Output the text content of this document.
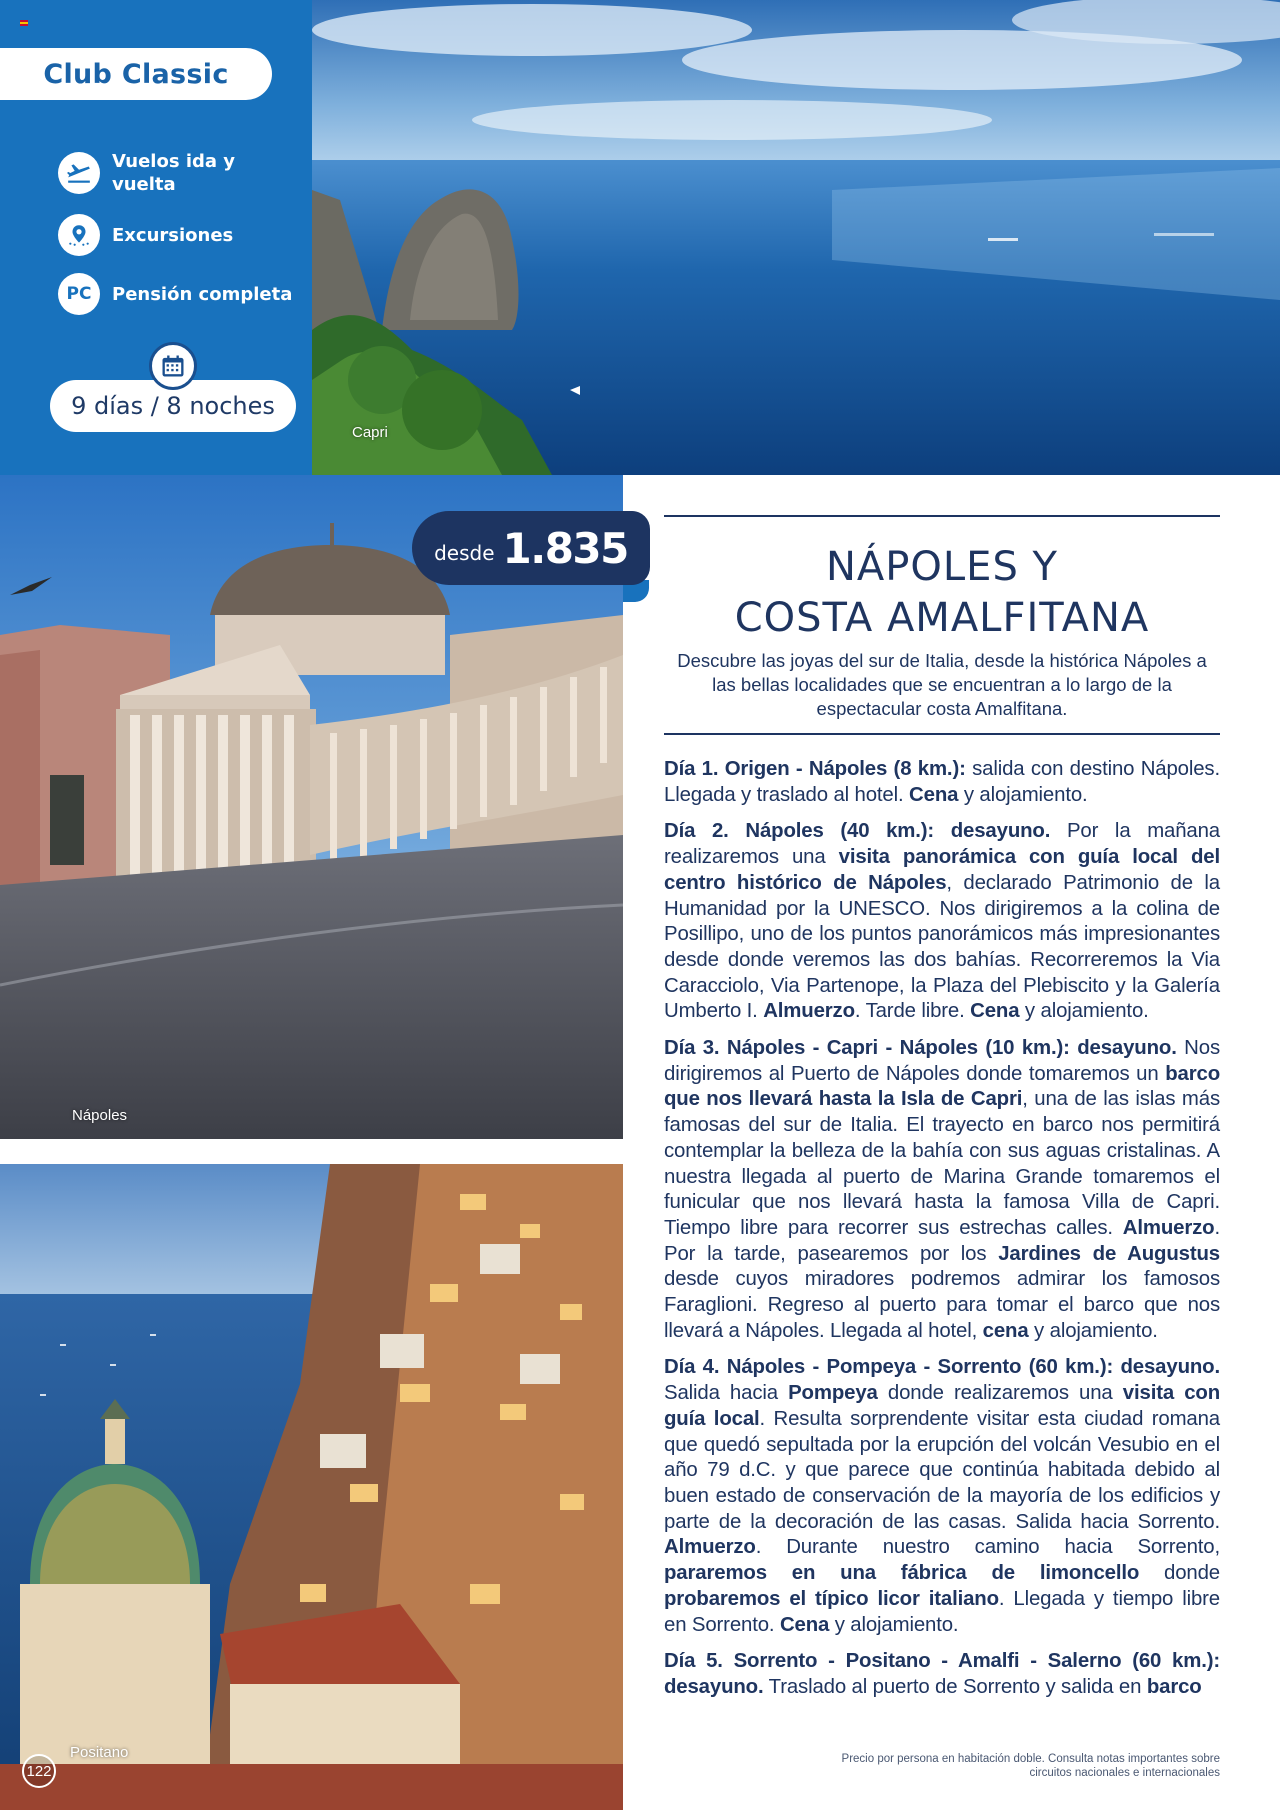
Club Classic
Vuelos ida y vuelta
Excursiones
PC Pensión completa
9 días / 8 noches
Capri
Nápoles
Positano
122
desde 1.835	NÁPOLES Y
COSTA AMALFITANA
Descubre las joyas del sur de Italia, desde la histórica Nápoles a las bellas localidades que se encuentran a lo largo de la espectacular costa Amalfitana.

Día 1. Origen - Nápoles (8 km.): salida con destino Nápoles. Llegada y traslado al hotel. Cena y alojamiento.

Día 2. Nápoles (40 km.): desayuno. Por la mañana realizaremos una visita panorámica con guía local del centro histórico de Nápoles, declarado Patrimonio de la Humanidad por la UNESCO. Nos dirigiremos a la colina de Posillipo, uno de los puntos panorámicos más impresionantes desde donde veremos las dos bahías. Recorreremos la Via Caracciolo, Via Partenope, la Plaza del Plebiscito y la Galería Umberto I. Almuerzo. Tarde libre. Cena y alojamiento.

Día 3. Nápoles - Capri - Nápoles (10 km.): desayuno. Nos dirigiremos al Puerto de Nápoles donde tomaremos un barco que nos llevará hasta la Isla de Capri, una de las islas más famosas del sur de Italia. El trayecto en barco nos permitirá contemplar la belleza de la bahía con sus aguas cristalinas. A nuestra llegada al puerto de Marina Grande tomaremos el funicular que nos llevará hasta la famosa Villa de Capri. Tiempo libre para recorrer sus estrechas calles. Almuerzo. Por la tarde, pasearemos por los Jardines de Augustus desde cuyos miradores podremos admirar los famosos Faraglioni. Regreso al puerto para tomar el barco que nos llevará a Nápoles. Llegada al hotel, cena y alojamiento.

Día 4. Nápoles - Pompeya - Sorrento (60 km.): desayuno. Salida hacia Pompeya donde realizaremos una visita con guía local. Resulta sorprendente visitar esta ciudad romana que quedó sepultada por la erupción del volcán Vesubio en el año 79 d.C. y que parece que continúa habitada debido al buen estado de conservación de la mayoría de los edificios y parte de la decoración de las casas. Salida hacia Sorrento. Almuerzo. Durante nuestro camino hacia Sorrento, pararemos en una fábrica de limoncello donde probaremos el típico licor italiano. Llegada y tiempo libre en Sorrento. Cena y alojamiento.

Día 5. Sorrento - Positano - Amalfi - Salerno (60 km.): desayuno. Traslado al puerto de Sorrento y salida en barco

Precio por persona en habitación doble. Consulta notas importantes sobre
circuitos nacionales e internacionales
